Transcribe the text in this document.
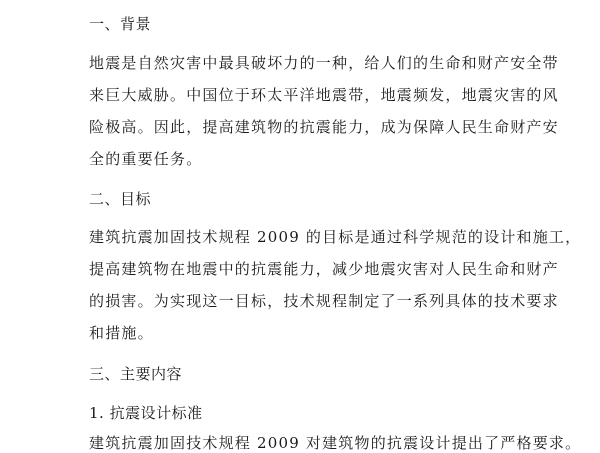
一、背景
地震是自然灾害中最具破坏力的一种，给人们的生命和财产安全带
来巨大威胁。中国位于环太平洋地震带，地震频发，地震灾害的风
险极高。因此，提高建筑物的抗震能力，成为保障人民生命财产安
全的重要任务。
二、目标
建筑抗震加固技术规程 2009 的目标是通过科学规范的设计和施工，
提高建筑物在地震中的抗震能力，减少地震灾害对人民生命和财产
的损害。为实现这一目标，技术规程制定了一系列具体的技术要求
和措施。
三、主要内容
1. 抗震设计标准
建筑抗震加固技术规程 2009 对建筑物的抗震设计提出了严格要求。
